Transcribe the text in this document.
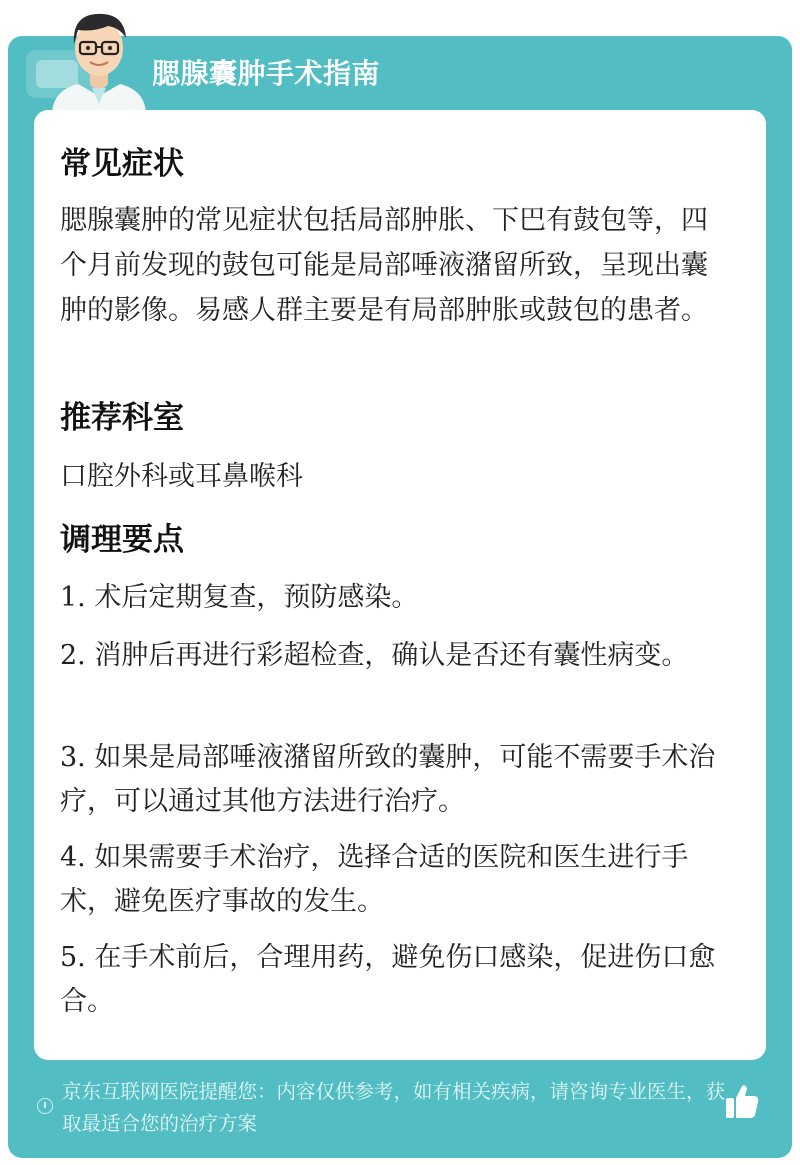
腮腺囊肿手术指南
常见症状
腮腺囊肿的常见症状包括局部肿胀、下巴有鼓包等，四个月前发现的鼓包可能是局部唾液潴留所致，呈现出囊肿的影像。易感人群主要是有局部肿胀或鼓包的患者。
推荐科室
口腔外科或耳鼻喉科
调理要点
1. 术后定期复查，预防感染。
2. 消肿后再进行彩超检查，确认是否还有囊性病变。
3. 如果是局部唾液潴留所致的囊肿，可能不需要手术治疗，可以通过其他方法进行治疗。
4. 如果需要手术治疗，选择合适的医院和医生进行手术，避免医疗事故的发生。
5. 在手术前后，合理用药，避免伤口感染，促进伤口愈合。
京东互联网医院提醒您：内容仅供参考，如有相关疾病，请咨询专业医生，获取最适合您的治疗方案
